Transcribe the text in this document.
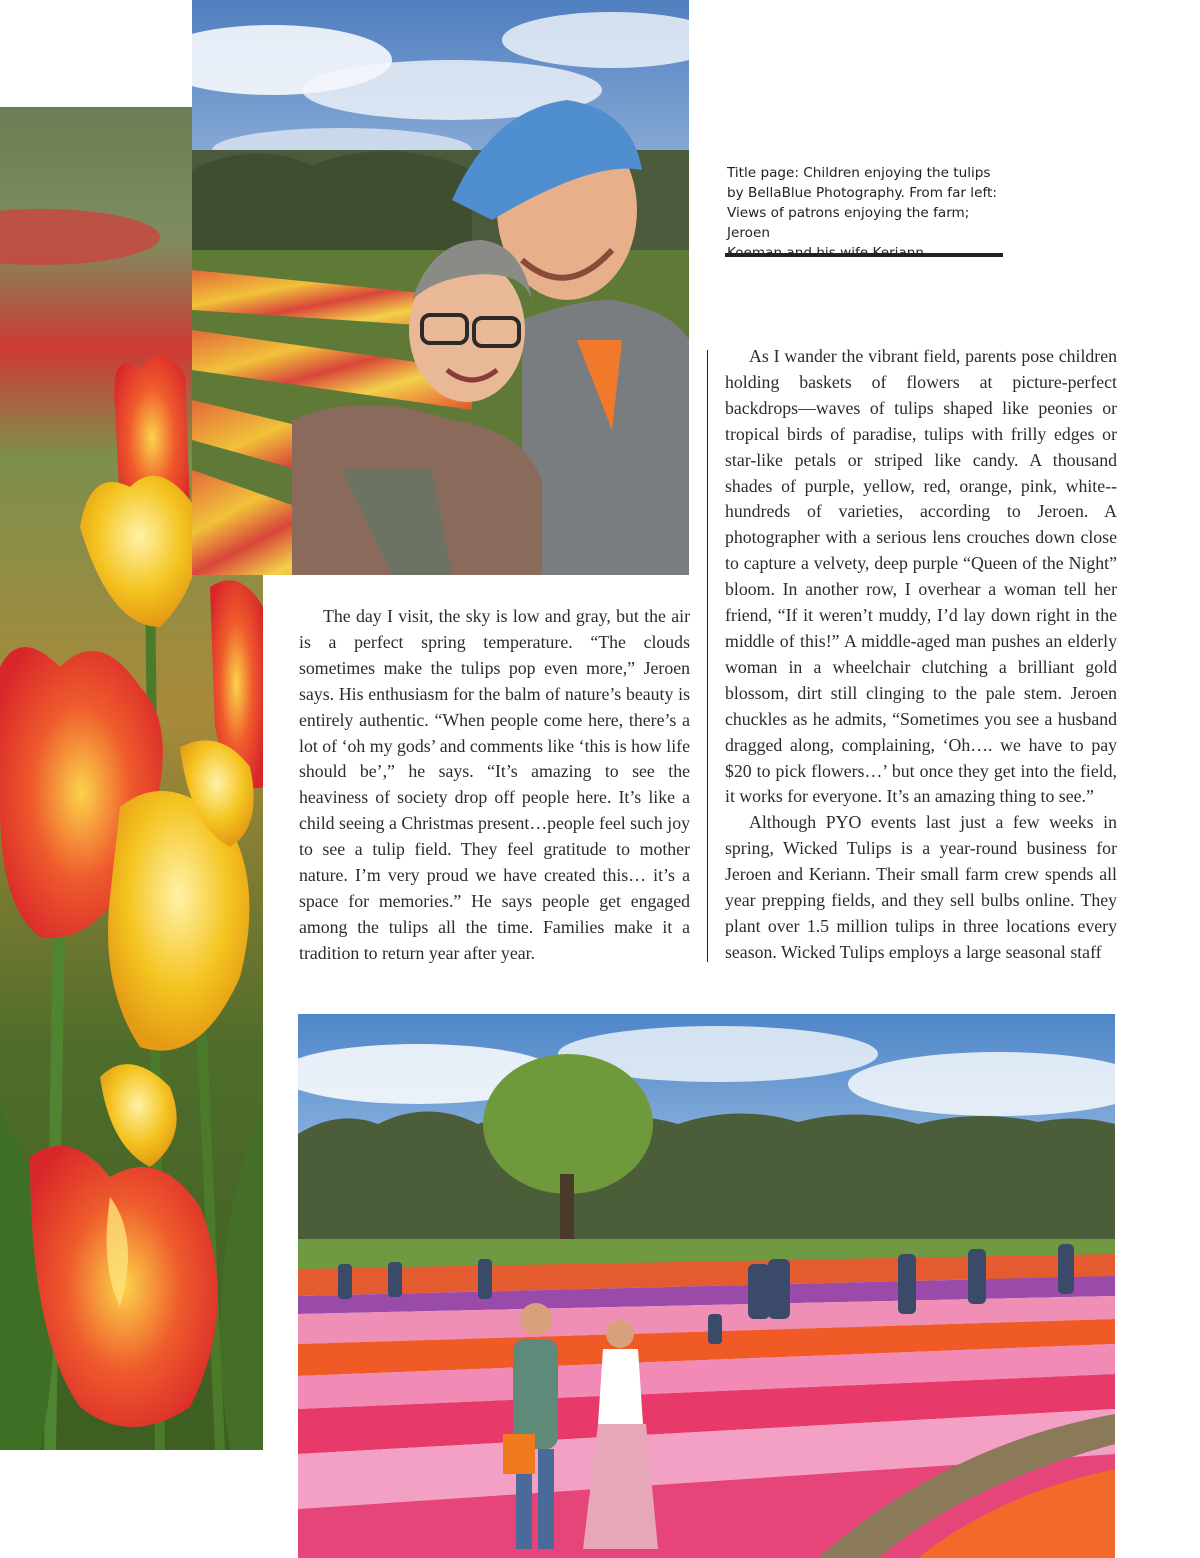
Title page: Children enjoying the tulips
by BellaBlue Photography. From far left:
Views of patrons enjoying the farm; Jeroen

The day I visit, the sky is low and gray, but the air is a perfect spring temperature. “The clouds sometimes make the tulips pop even more,” Jeroen says. His enthusiasm for the balm of nature’s beauty is entirely authentic. “When people come here, there’s a lot of ‘oh my gods’ and comments like ‘this is how life should be’,” he says. “It’s amazing to see the heaviness of society drop off people here. It’s like a child seeing a Christmas present…people feel such joy to see a tulip field. They feel gratitude to mother nature. I’m very proud we have created this… it’s a space for memories.” He says people get engaged among the tulips all the time. Families make it a tradition to return year after year.

As I wander the vibrant field, parents pose children holding baskets of flowers at picture-perfect backdrops—waves of tulips shaped like peonies or tropical birds of paradise, tulips with frilly edges or star-like petals or striped like candy. A thousand shades of purple, yellow, red, orange, pink, white--hundreds of varieties, according to Jeroen. A photographer with a serious lens crouches down close to capture a velvety, deep purple “Queen of the Night” bloom. In another row, I overhear a woman tell her friend, “If it weren’t muddy, I’d lay down right in the middle of this!” A middle-aged man pushes an elderly woman in a wheelchair clutching a brilliant gold blossom, dirt still clinging to the pale stem. Jeroen chuckles as he admits, “Sometimes you see a husband dragged along, complaining, ‘Oh…. we have to pay $20 to pick flowers…’ but once they get into the field, it works for everyone. It’s an amazing thing to see.”

Although PYO events last just a few weeks in spring, Wicked Tulips is a year-round business for Jeroen and Keriann. Their small farm crew spends all year prepping fields, and they sell bulbs online. They plant over 1.5 million tulips in three locations every season. Wicked Tulips employs a large seasonal staff
